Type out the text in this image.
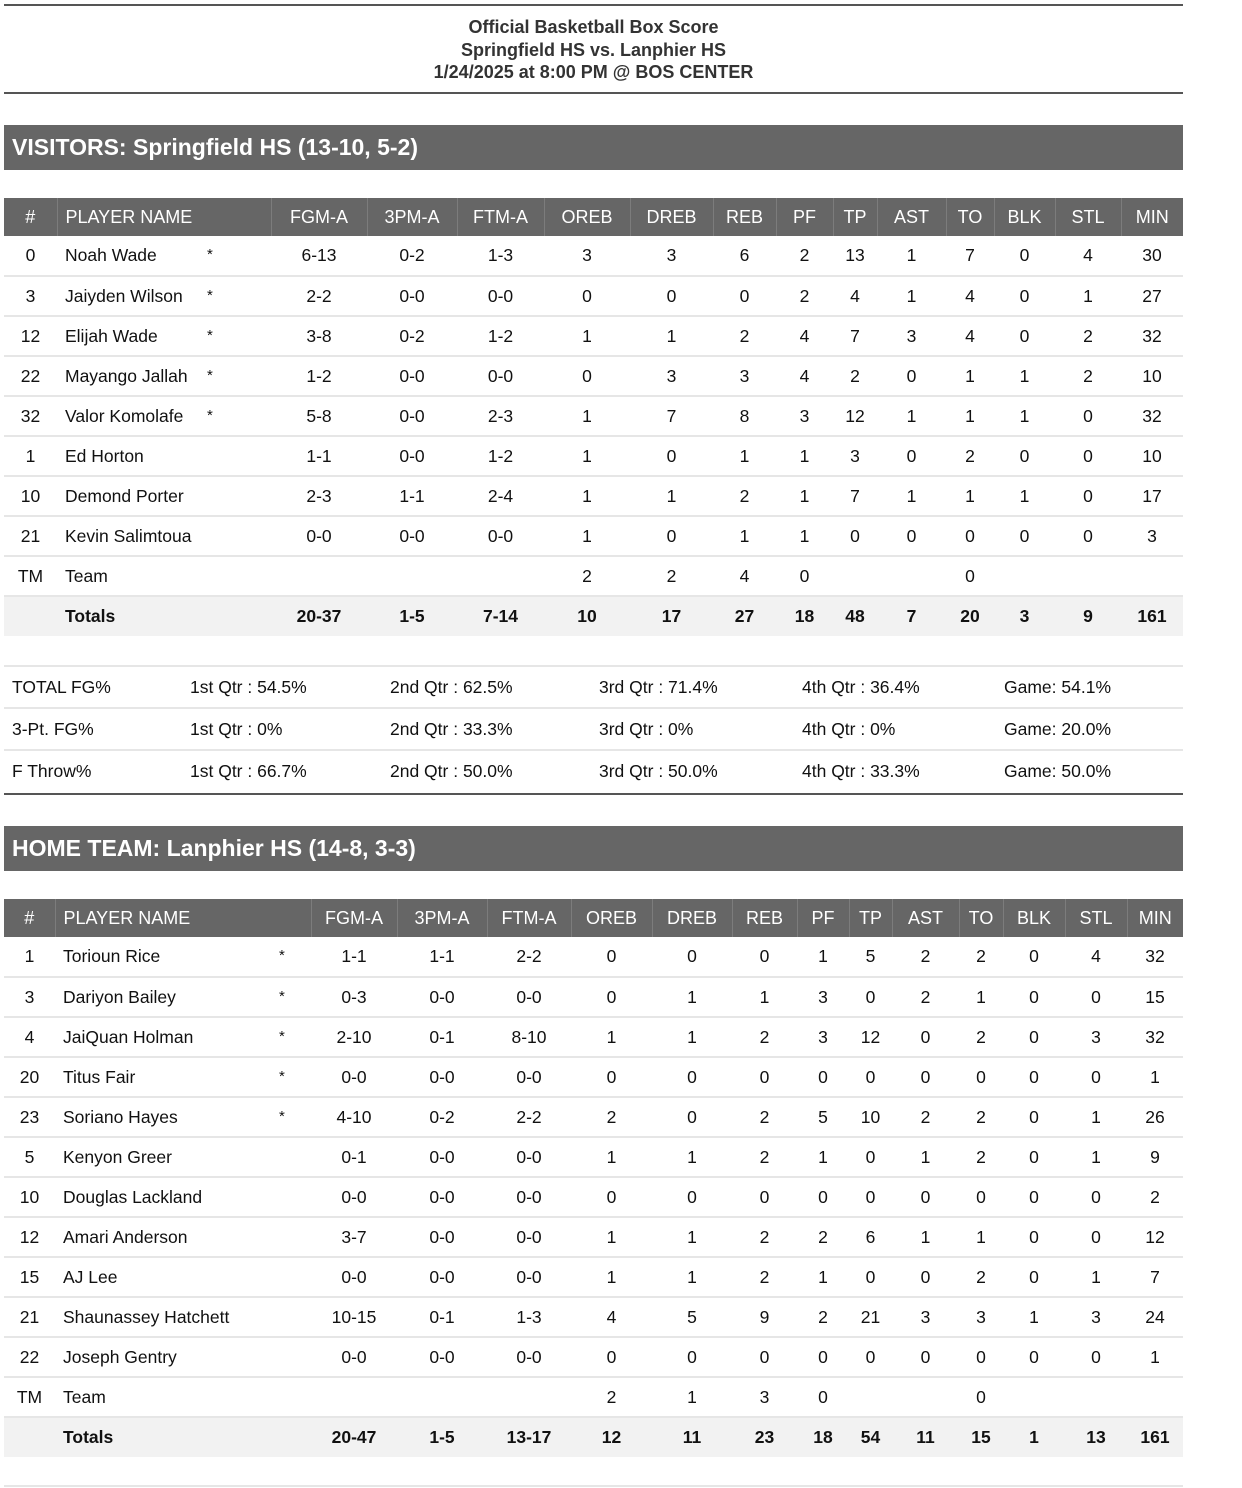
Official Basketball Box Score
Springfield HS vs. Lanphier HS
1/24/2025 at 8:00 PM @ BOS CENTER
VISITORS: Springfield HS (13-10, 5-2)
#	PLAYER NAME		FGM-A	3PM-A	FTM-A	OREB	DREB	REB	PF	TP	AST	TO	BLK	STL	MIN
0	Noah Wade	*	6-13	0-2	1-3	3	3	6	2	13	1	7	0	4	30
3	Jaiyden Wilson	*	2-2	0-0	0-0	0	0	0	2	4	1	4	0	1	27
12	Elijah Wade	*	3-8	0-2	1-2	1	1	2	4	7	3	4	0	2	32
22	Mayango Jallah	*	1-2	0-0	0-0	0	3	3	4	2	0	1	1	2	10
32	Valor Komolafe	*	5-8	0-0	2-3	1	7	8	3	12	1	1	1	0	32
1	Ed Horton		1-1	0-0	1-2	1	0	1	1	3	0	2	0	0	10
10	Demond Porter		2-3	1-1	2-4	1	1	2	1	7	1	1	1	0	17
21	Kevin Salimtoua		0-0	0-0	0-0	1	0	1	1	0	0	0	0	0	3
TM	Team					2	2	4	0			0			
	Totals		20-37	1-5	7-14	10	17	27	18	48	7	20	3	9	161
TOTAL FG%	1st Qtr : 54.5%	2nd Qtr : 62.5%	3rd Qtr : 71.4%	4th Qtr : 36.4%	Game: 54.1%
3-Pt. FG%	1st Qtr : 0%	2nd Qtr : 33.3%	3rd Qtr : 0%	4th Qtr : 0%	Game: 20.0%
F Throw%	1st Qtr : 66.7%	2nd Qtr : 50.0%	3rd Qtr : 50.0%	4th Qtr : 33.3%	Game: 50.0%
HOME TEAM: Lanphier HS (14-8, 3-3)
#	PLAYER NAME		FGM-A	3PM-A	FTM-A	OREB	DREB	REB	PF	TP	AST	TO	BLK	STL	MIN
1	Torioun Rice	*	1-1	1-1	2-2	0	0	0	1	5	2	2	0	4	32
3	Dariyon Bailey	*	0-3	0-0	0-0	0	1	1	3	0	2	1	0	0	15
4	JaiQuan Holman	*	2-10	0-1	8-10	1	1	2	3	12	0	2	0	3	32
20	Titus Fair	*	0-0	0-0	0-0	0	0	0	0	0	0	0	0	0	1
23	Soriano Hayes	*	4-10	0-2	2-2	2	0	2	5	10	2	2	0	1	26
5	Kenyon Greer		0-1	0-0	0-0	1	1	2	1	0	1	2	0	1	9
10	Douglas Lackland		0-0	0-0	0-0	0	0	0	0	0	0	0	0	0	2
12	Amari Anderson		3-7	0-0	0-0	1	1	2	2	6	1	1	0	0	12
15	AJ Lee		0-0	0-0	0-0	1	1	2	1	0	0	2	0	1	7
21	Shaunassey Hatchett		10-15	0-1	1-3	4	5	9	2	21	3	3	1	3	24
22	Joseph Gentry		0-0	0-0	0-0	0	0	0	0	0	0	0	0	0	1
TM	Team					2	1	3	0			0			
	Totals		20-47	1-5	13-17	12	11	23	18	54	11	15	1	13	161
